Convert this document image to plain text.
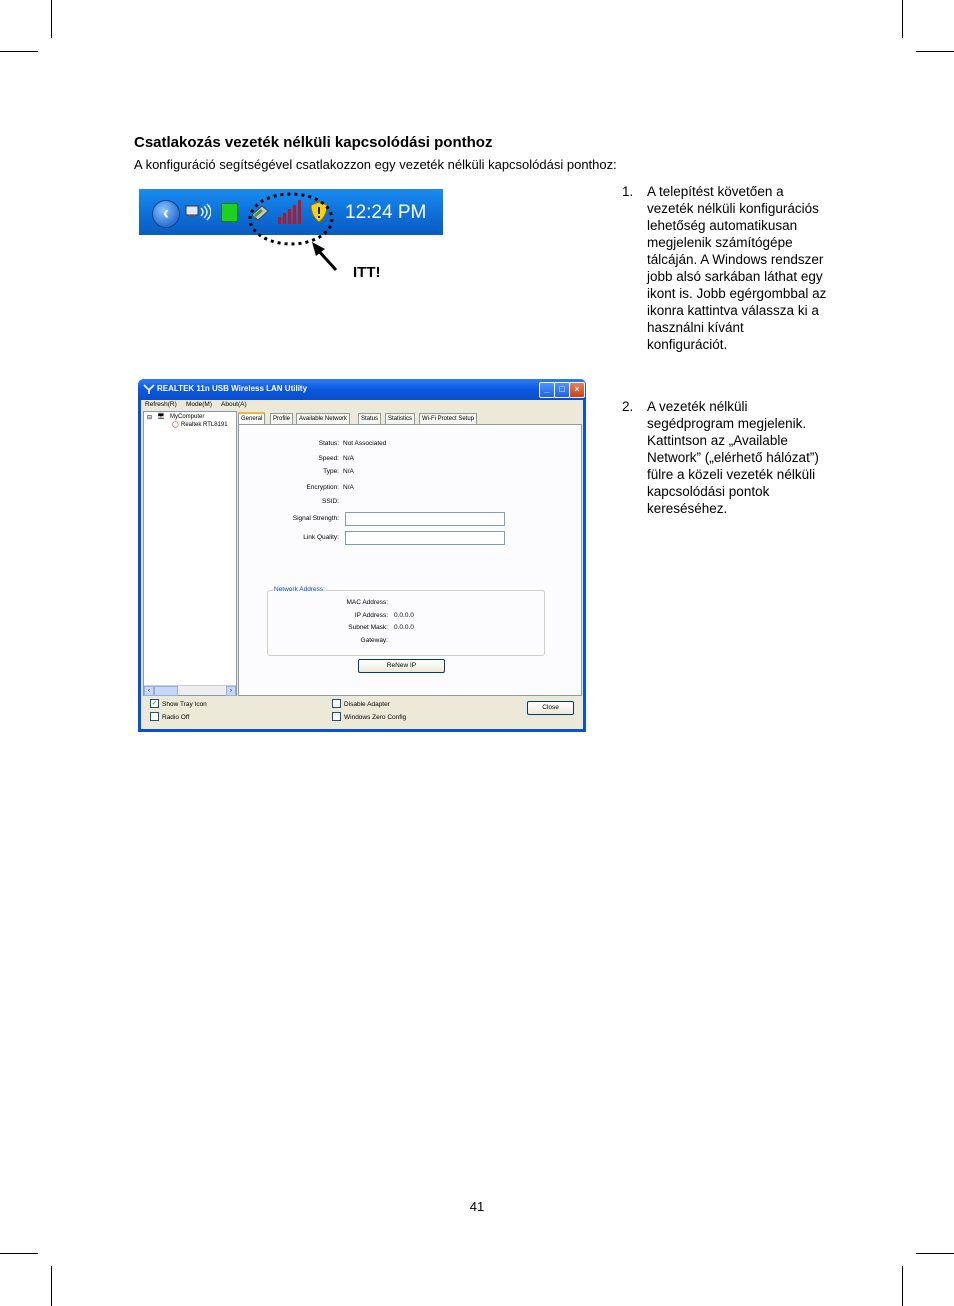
Csatlakozás vezeték nélküli kapcsolódási ponthoz
A konfiguráció segítségével csatlakozzon egy vezeték nélküli kapcsolódási ponthoz:
1. A telepítést követően a vezeték nélküli konfigurációs lehetőség automatikusan megjelenik számítógépe tálcáján. A Windows rendszer jobb alsó sarkában láthat egy ikont is. Jobb egérgombbal az ikonra kattintva válassza ki a használni kívánt konfigurációt.
2. A vezeték nélküli segédprogram megjelenik. Kattintson az „Available Network” („elérhető hálózat”) fülre a közeli vezeték nélküli kapcsolódási pontok kereséséhez.
‹	12:24 PM
ITT!
REALTEK 11n USB Wireless LAN Utility	_	□	×
Refresh(R) Mode(M) About(A)
⊟ 🖥 MyComputer
◯ Realtek RTL8191
‹	›
General	Profile	Available Network	Status	Statistics	Wi-Fi Protect Setup
Status: Not Associated
Speed: N/A
Type: N/A
Encryption: N/A
SSID:
Signal Strength:
Link Quality:
Network Address:
MAC Address:
IP Address: 0.0.0.0
Subnet Mask: 0.0.0.0
Gateway:
ReNew IP
✓ Show Tray Icon
Radio Off
Disable Adapter
Windows Zero Config
Close
41
